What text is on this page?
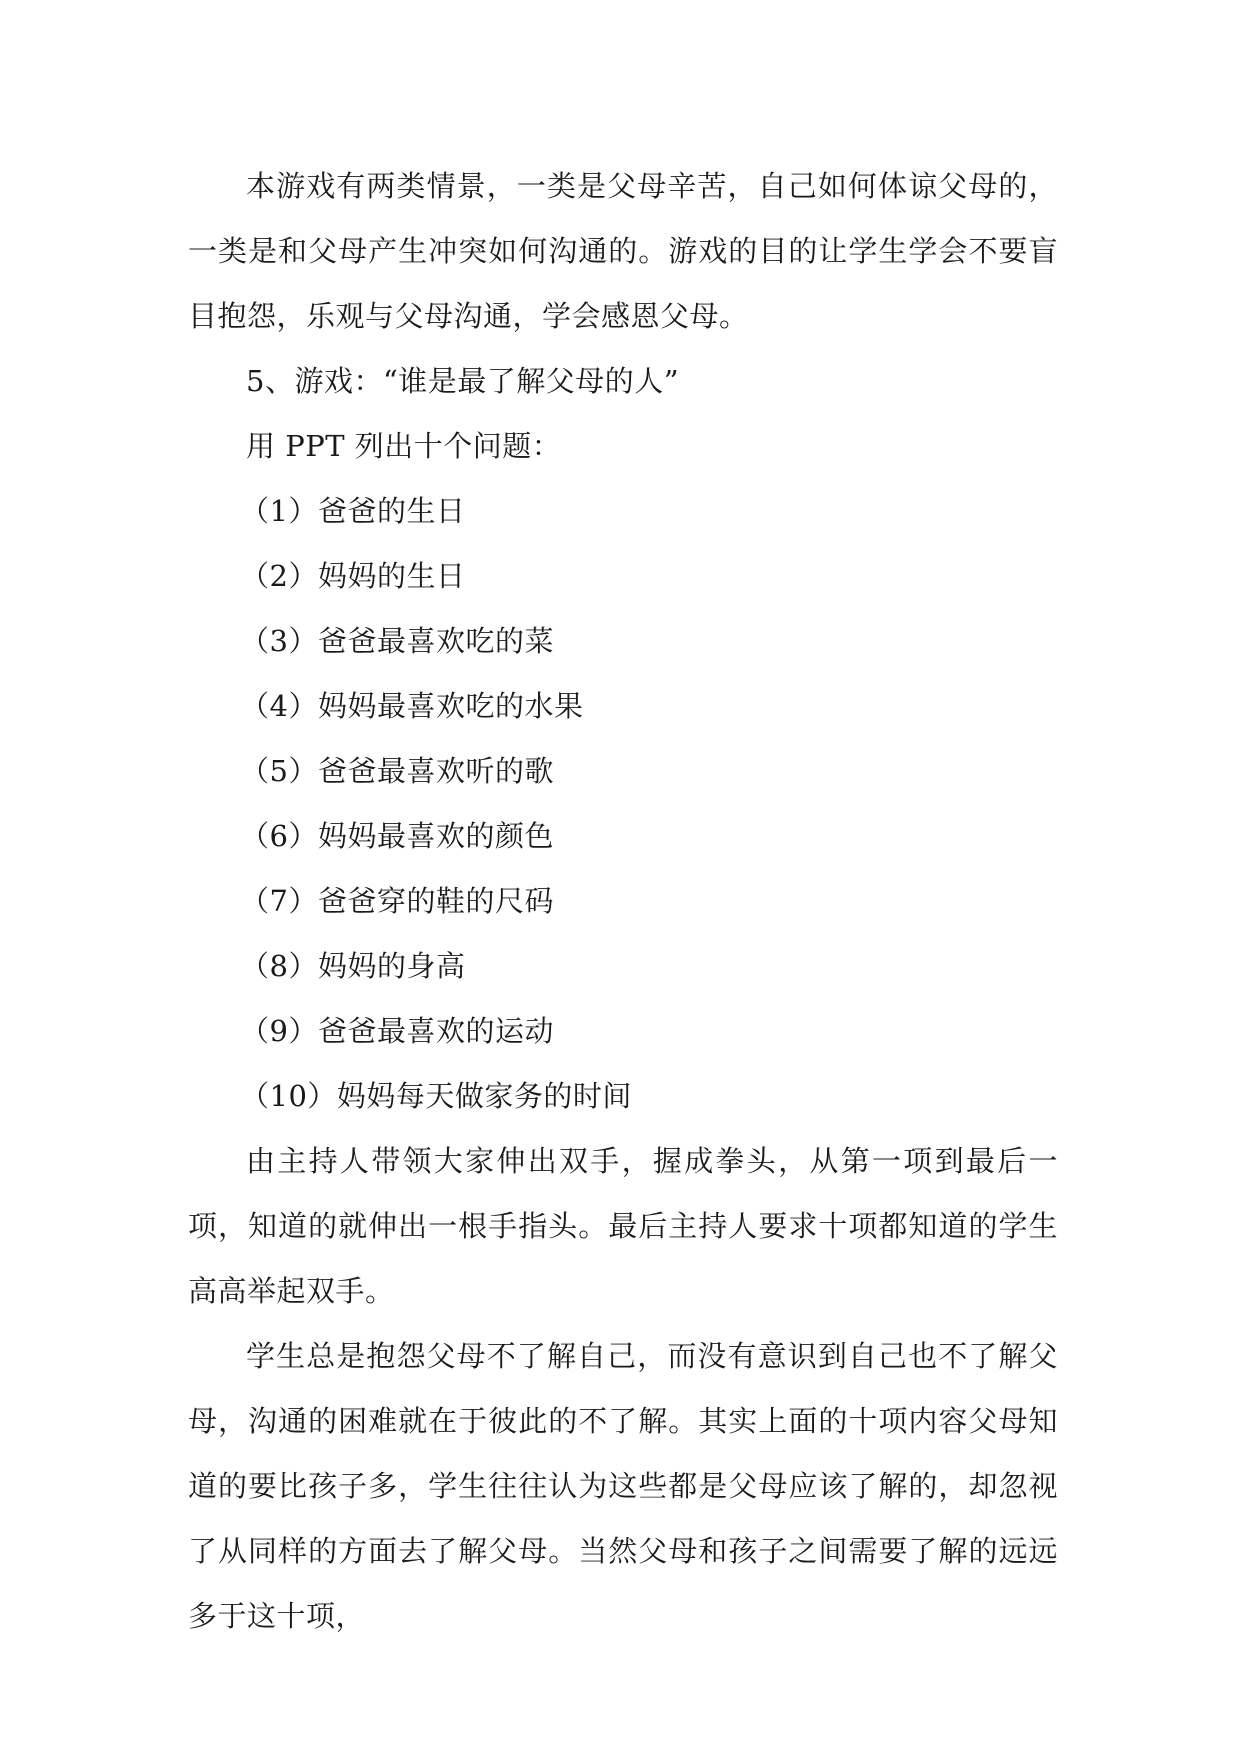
本游戏有两类情景，一类是父母辛苦，自己如何体谅父母的，一类是和父母产生冲突如何沟通的。游戏的目的让学生学会不要盲目抱怨，乐观与父母沟通，学会感恩父母。

5、游戏：“谁是最了解父母的人”

用 PPT 列出十个问题：

（1）爸爸的生日

（2）妈妈的生日

（3）爸爸最喜欢吃的菜

（4）妈妈最喜欢吃的水果

（5）爸爸最喜欢听的歌

（6）妈妈最喜欢的颜色

（7）爸爸穿的鞋的尺码

（8）妈妈的身高

（9）爸爸最喜欢的运动

（10）妈妈每天做家务的时间

由主持人带领大家伸出双手，握成拳头，从第一项到最后一项，知道的就伸出一根手指头。最后主持人要求十项都知道的学生高高举起双手。

学生总是抱怨父母不了解自己，而没有意识到自己也不了解父母，沟通的困难就在于彼此的不了解。其实上面的十项内容父母知道的要比孩子多，学生往往认为这些都是父母应该了解的，却忽视了从同样的方面去了解父母。当然父母和孩子之间需要了解的远远多于这十项，
